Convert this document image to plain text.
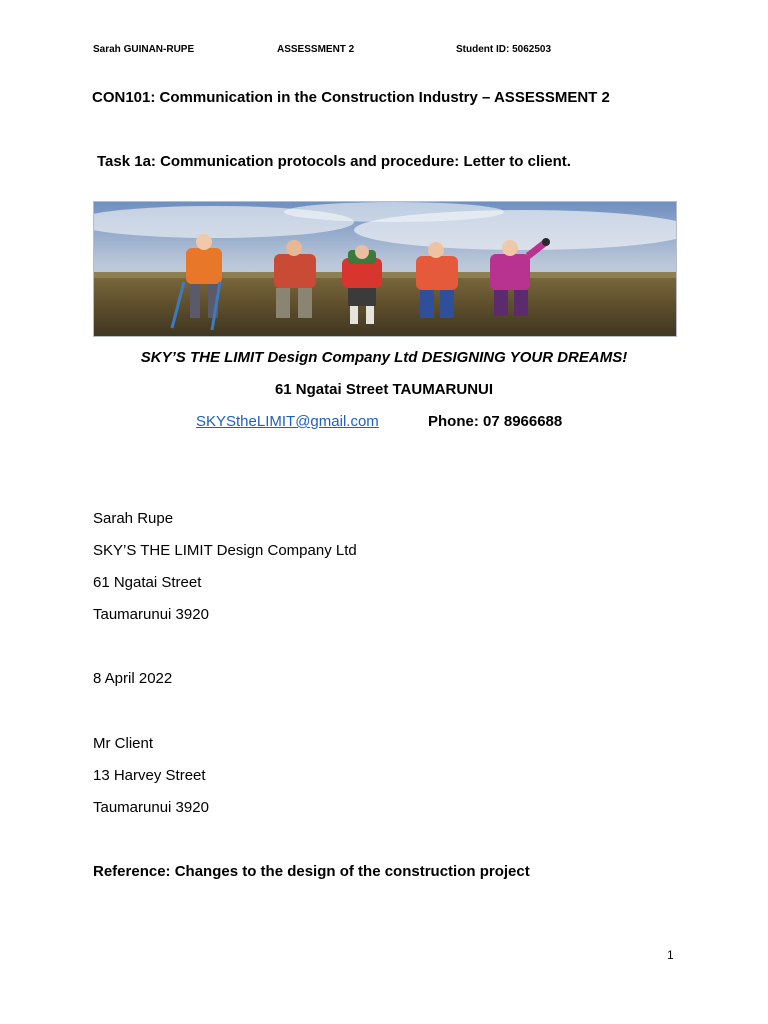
Sarah GUINAN-RUPE	ASSESSMENT 2	Student ID: 5062503
CON101: Communication in the Construction Industry – ASSESSMENT 2
Task 1a: Communication protocols and procedure: Letter to client.
SKY’S THE LIMIT Design Company Ltd DESIGNING YOUR DREAMS!
61 Ngatai Street TAUMARUNUI
SKYStheLIMIT@gmail.com	Phone: 07 8966688
Sarah Rupe
SKY’S THE LIMIT Design Company Ltd
61 Ngatai Street
Taumarunui 3920
8 April 2022
Mr Client
13 Harvey Street
Taumarunui 3920
Reference: Changes to the design of the construction project
1
